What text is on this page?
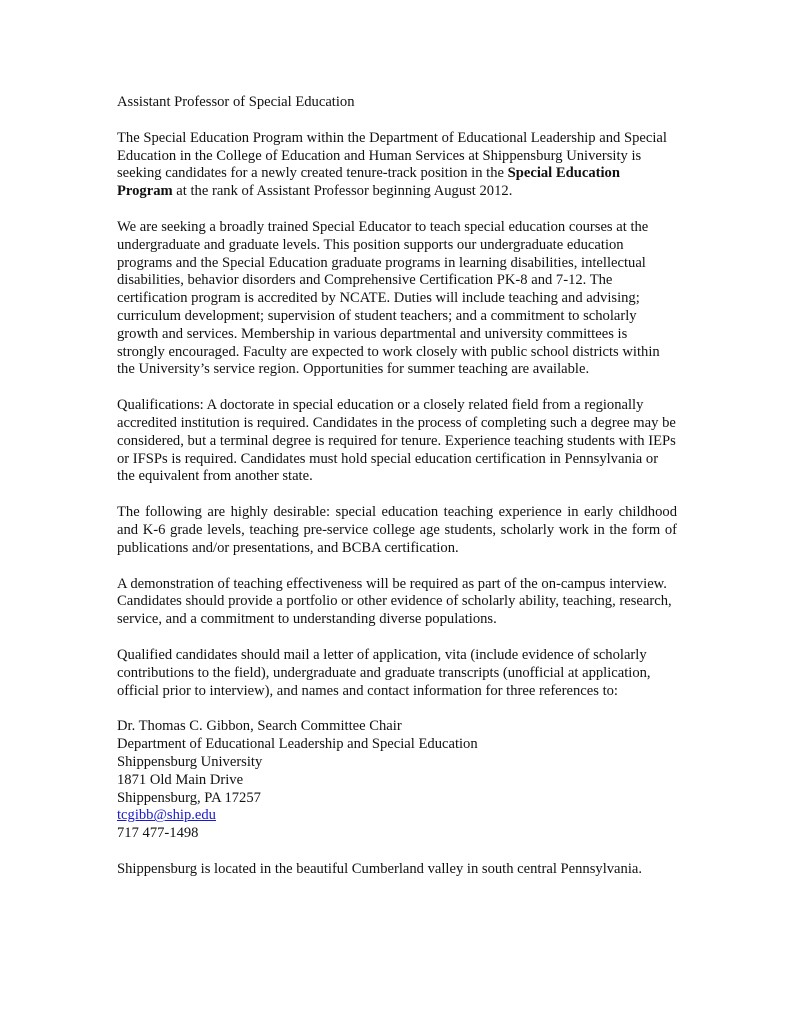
Assistant Professor of Special Education

The Special Education Program within the Department of Educational Leadership and Special Education in the College of Education and Human Services at Shippensburg University is seeking candidates for a newly created tenure-track position in the Special Education Program at the rank of Assistant Professor beginning August 2012.

We are seeking a broadly trained Special Educator to teach special education courses at the undergraduate and graduate levels. This position supports our undergraduate education programs and the Special Education graduate programs in learning disabilities, intellectual disabilities, behavior disorders and Comprehensive Certification PK-8 and 7-12. The certification program is accredited by NCATE. Duties will include teaching and advising; curriculum development; supervision of student teachers; and a commitment to scholarly growth and services. Membership in various departmental and university committees is strongly encouraged. Faculty are expected to work closely with public school districts within the University’s service region. Opportunities for summer teaching are available.

Qualifications: A doctorate in special education or a closely related field from a regionally accredited institution is required. Candidates in the process of completing such a degree may be considered, but a terminal degree is required for tenure. Experience teaching students with IEPs or IFSPs is required. Candidates must hold special education certification in Pennsylvania or the equivalent from another state.

The following are highly desirable: special education teaching experience in early childhood and K-6 grade levels, teaching pre-service college age students, scholarly work in the form of publications and/or presentations, and BCBA certification.

A demonstration of teaching effectiveness will be required as part of the on-campus interview. Candidates should provide a portfolio or other evidence of scholarly ability, teaching, research, service, and a commitment to understanding diverse populations.

Qualified candidates should mail a letter of application, vita (include evidence of scholarly contributions to the field), undergraduate and graduate transcripts (unofficial at application, official prior to interview), and names and contact information for three references to:

Dr. Thomas C. Gibbon, Search Committee Chair
Department of Educational Leadership and Special Education
Shippensburg University
1871 Old Main Drive
Shippensburg, PA 17257
tcgibb@ship.edu
717 477-1498

Shippensburg is located in the beautiful Cumberland valley in south central Pennsylvania.
